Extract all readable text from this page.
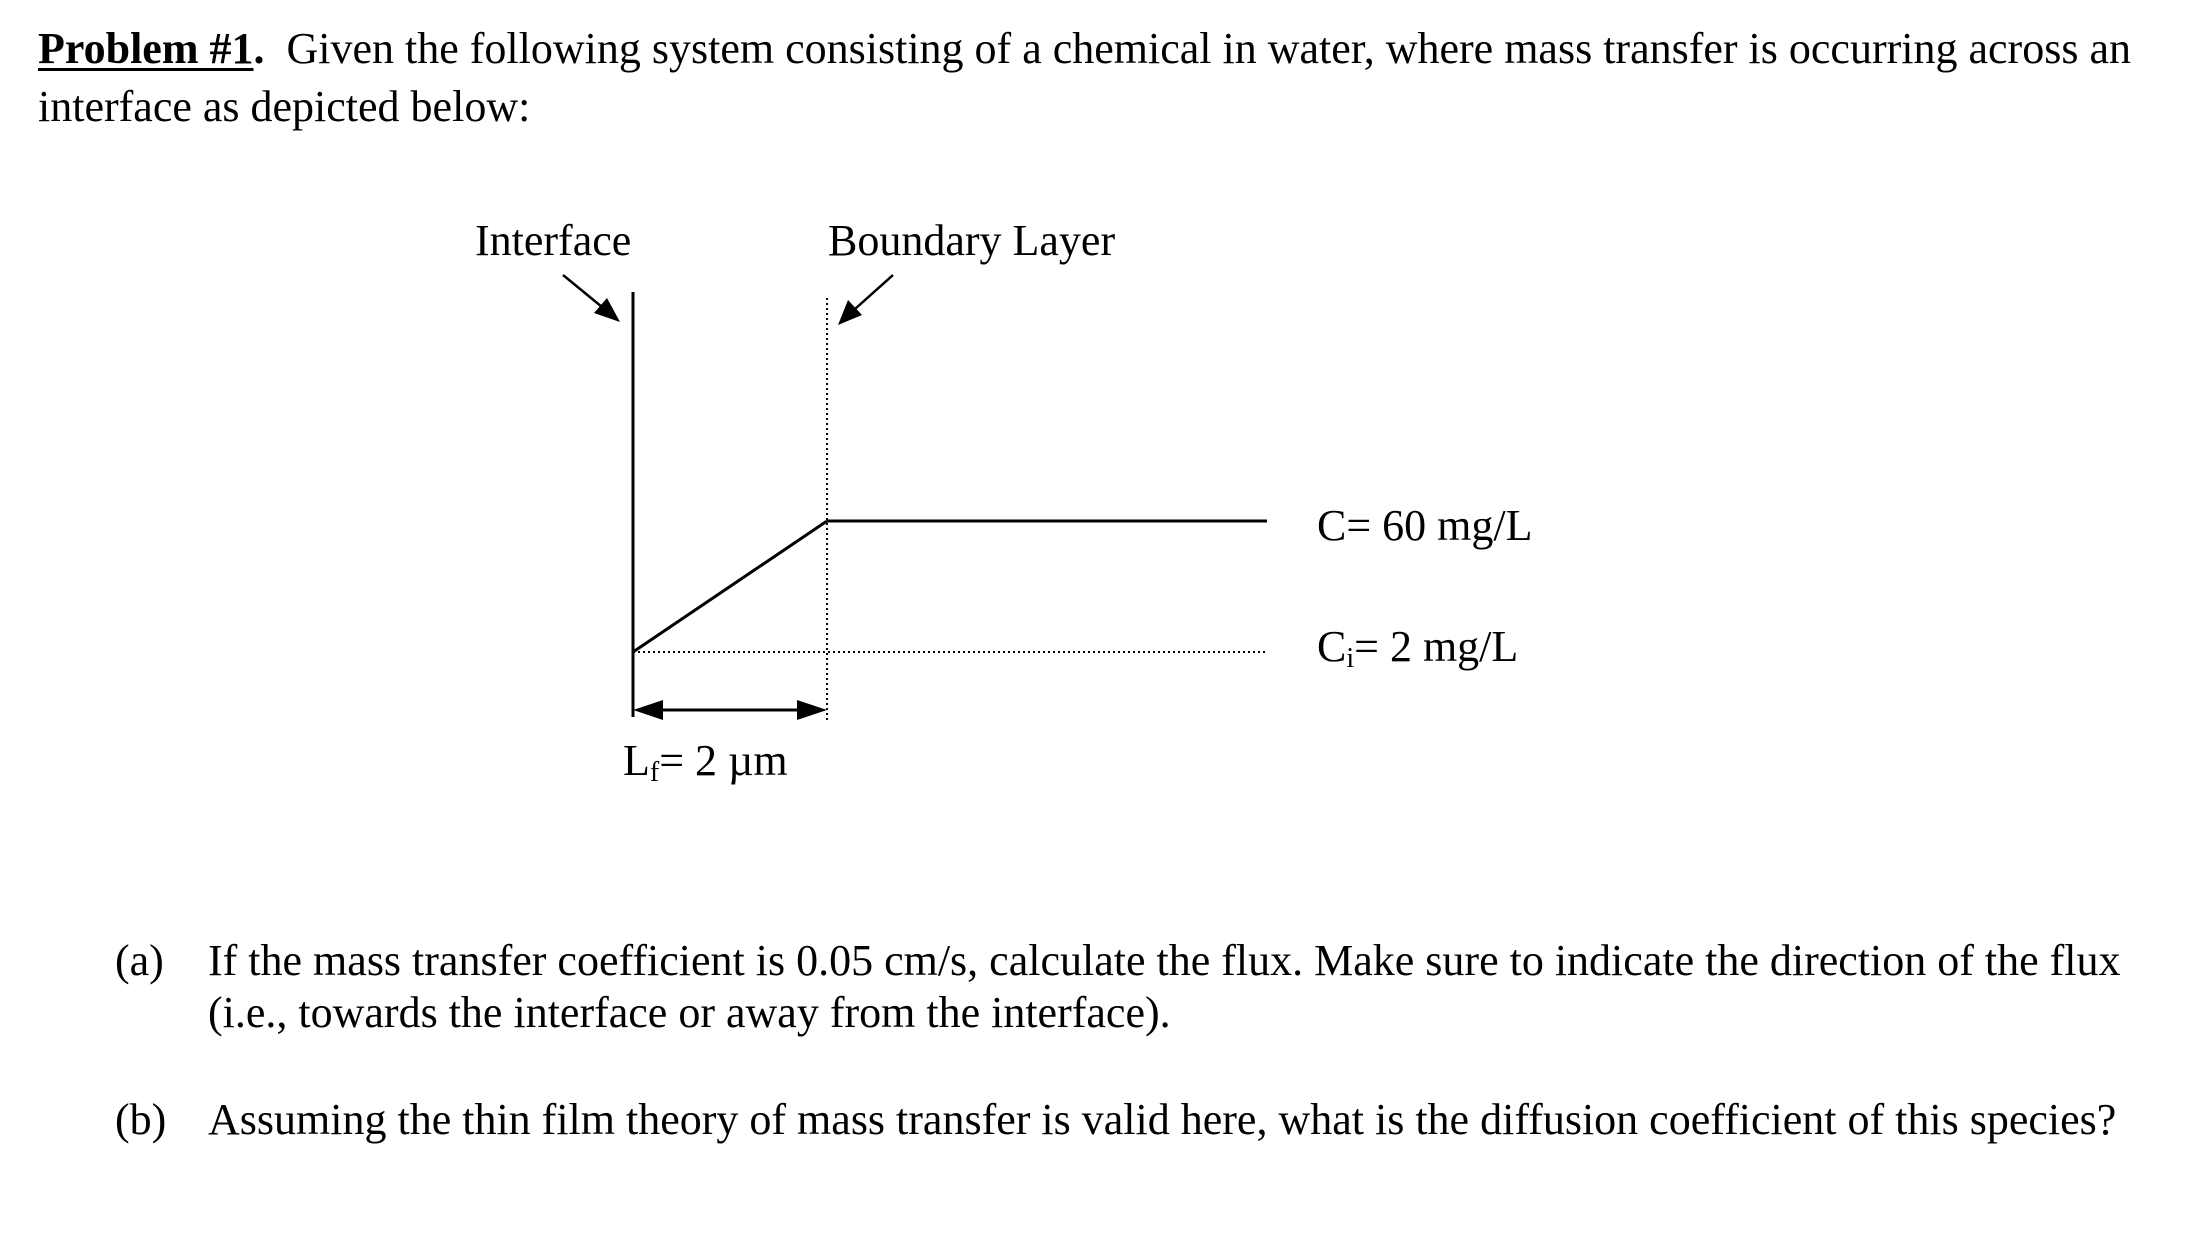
Problem #1. Given the following system consisting of a chemical in water, where mass transfer is occurring across an interface as depicted below:
Interface	Boundary Layer
C= 60 mg/L
Ci= 2 mg/L
Lf= 2 µm
(a)	If the mass transfer coefficient is 0.05 cm/s, calculate the flux. Make sure to indicate the direction of the flux (i.e., towards the interface or away from the interface).
(b) Assuming the thin film theory of mass transfer is valid here, what is the diffusion coefficient of this species?
